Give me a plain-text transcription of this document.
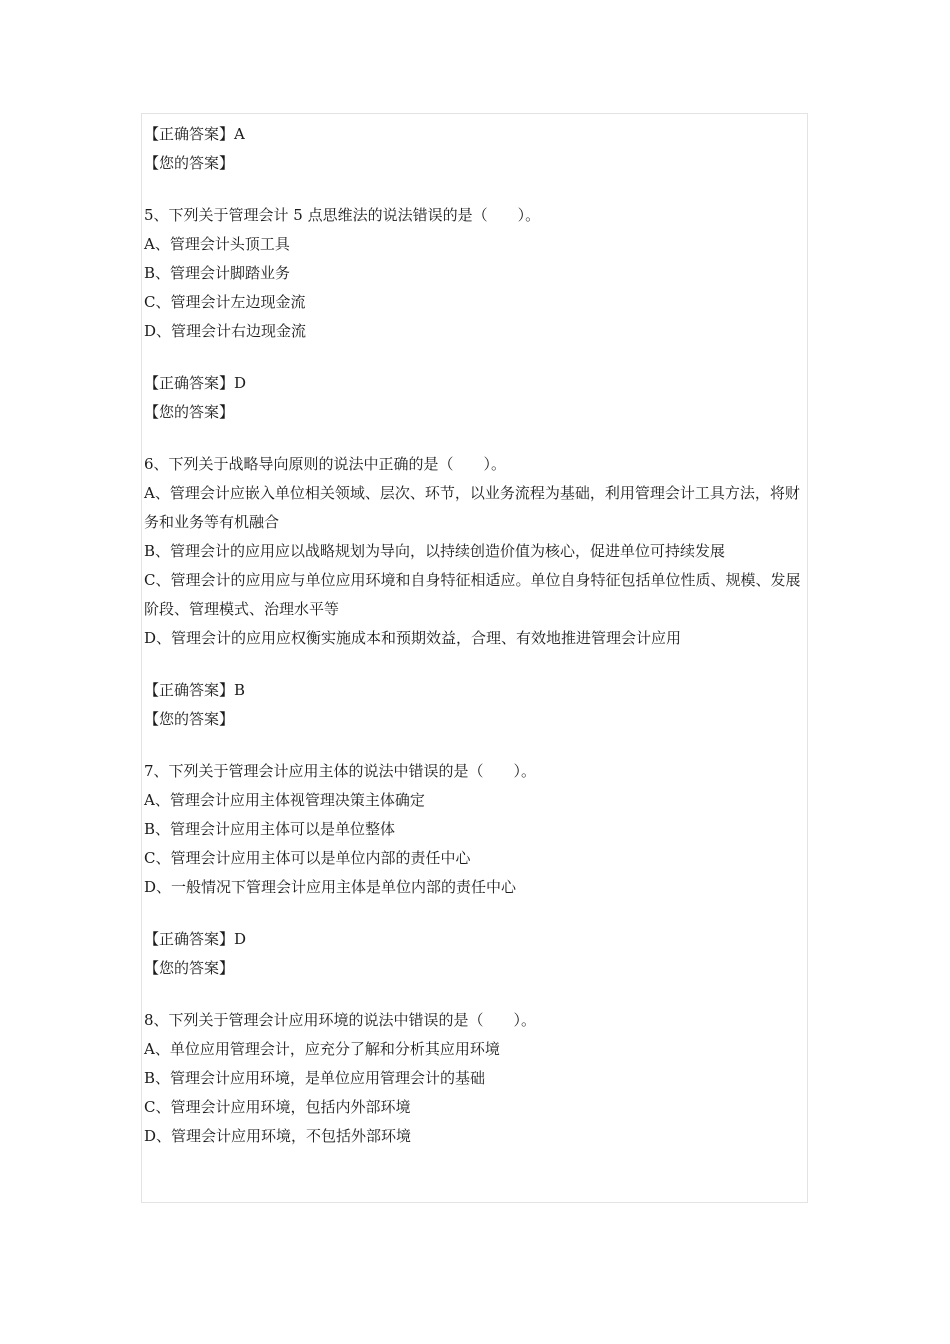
【正确答案】A
【您的答案】
5、下列关于管理会计 5 点思维法的说法错误的是（　　）。
A、管理会计头顶工具
B、管理会计脚踏业务
C、管理会计左边现金流
D、管理会计右边现金流
【正确答案】D
【您的答案】
6、下列关于战略导向原则的说法中正确的是（　　）。
A、管理会计应嵌入单位相关领域、层次、环节，以业务流程为基础，利用管理会计工具方法，将财务和业务等有机融合
B、管理会计的应用应以战略规划为导向，以持续创造价值为核心，促进单位可持续发展
C、管理会计的应用应与单位应用环境和自身特征相适应。单位自身特征包括单位性质、规模、发展阶段、管理模式、治理水平等
D、管理会计的应用应权衡实施成本和预期效益，合理、有效地推进管理会计应用
【正确答案】B
【您的答案】
7、下列关于管理会计应用主体的说法中错误的是（　　）。
A、管理会计应用主体视管理决策主体确定
B、管理会计应用主体可以是单位整体
C、管理会计应用主体可以是单位内部的责任中心
D、一般情况下管理会计应用主体是单位内部的责任中心
【正确答案】D
【您的答案】
8、下列关于管理会计应用环境的说法中错误的是（　　）。
A、单位应用管理会计，应充分了解和分析其应用环境
B、管理会计应用环境，是单位应用管理会计的基础
C、管理会计应用环境，包括内外部环境
D、管理会计应用环境，不包括外部环境
